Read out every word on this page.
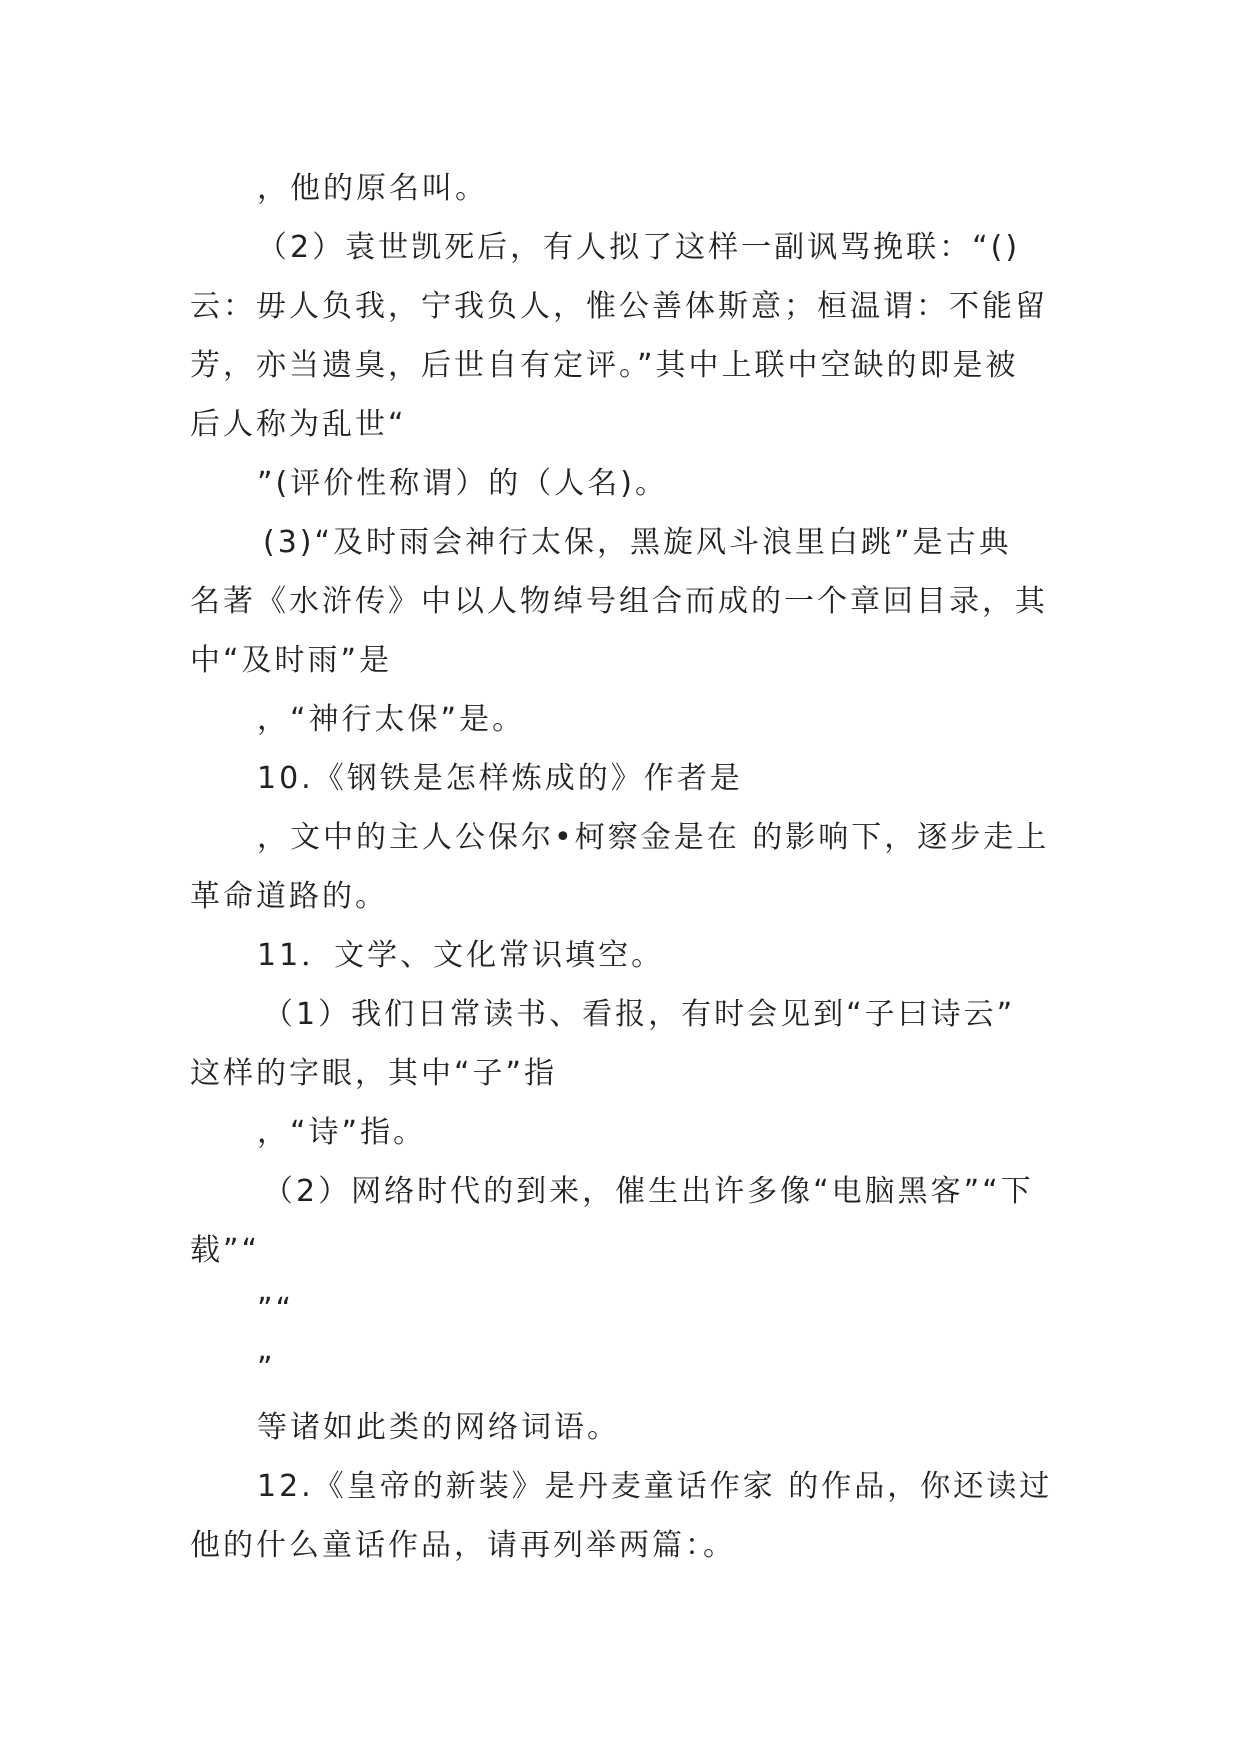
，他的原名叫。
（2）袁世凯死后，有人拟了这样一副讽骂挽联：“()
云：毋人负我，宁我负人，惟公善体斯意；桓温谓：不能留
芳，亦当遗臭，后世自有定评。”其中上联中空缺的即是被
后人称为乱世“
”(评价性称谓）的（人名)。
(3)“及时雨会神行太保，黑旋风斗浪里白跳”是古典
名著《水浒传》中以人物绰号组合而成的一个章回目录，其
中“及时雨”是
，“神行太保”是。
10.《钢铁是怎样炼成的》作者是
，文中的主人公保尔•柯察金是在 的影响下，逐步走上
革命道路的。
11．文学、文化常识填空。
（1）我们日常读书、看报，有时会见到“子曰诗云”
这样的字眼，其中“子”指
，“诗”指。
（2）网络时代的到来，催生出许多像“电脑黑客”“下
载”“
”“
”
等诸如此类的网络词语。
12.《皇帝的新装》是丹麦童话作家 的作品，你还读过
他的什么童话作品，请再列举两篇：。
